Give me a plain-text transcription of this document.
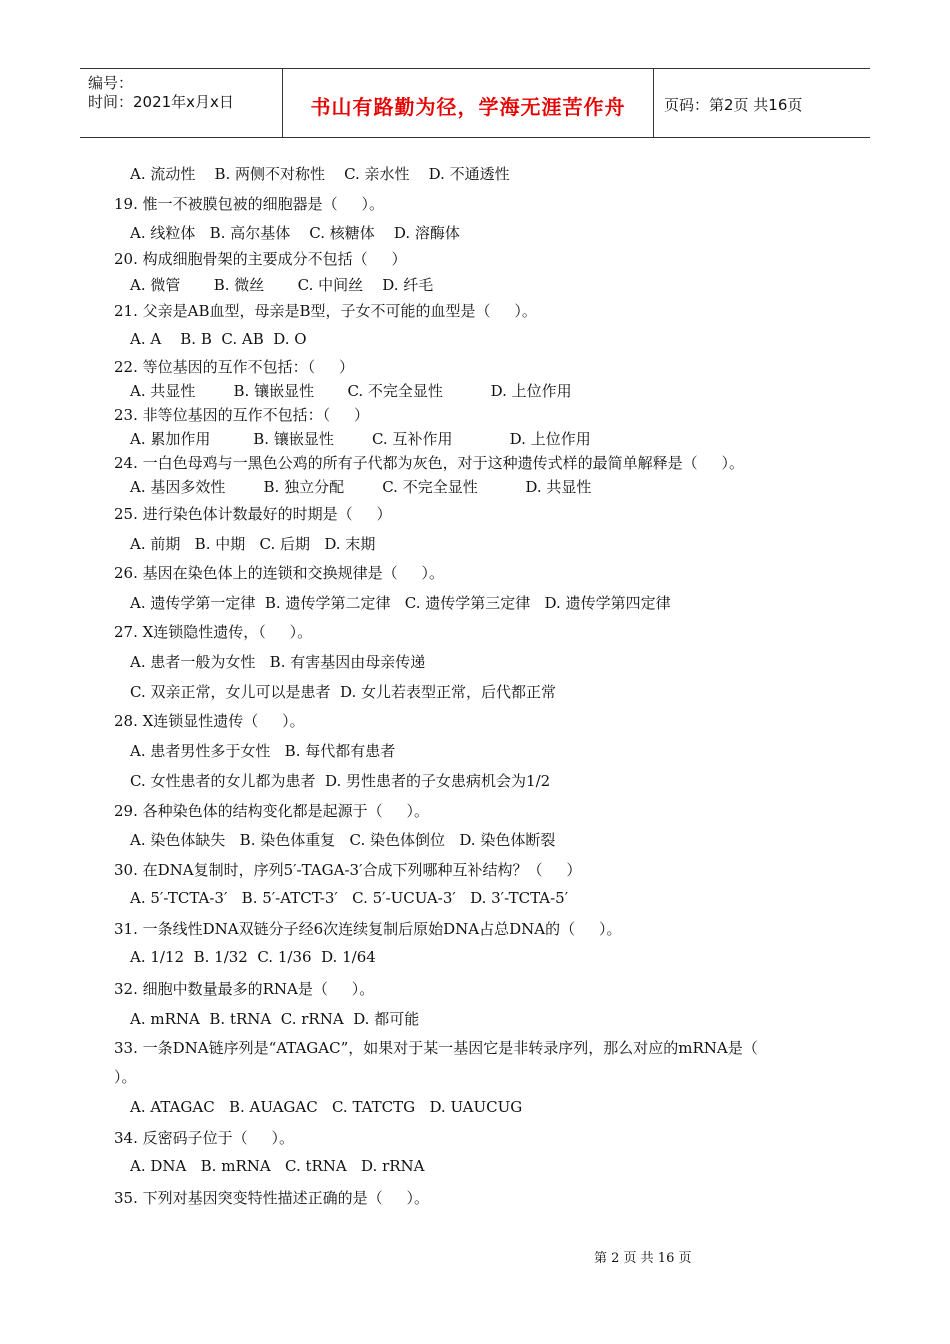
编号：
时间：2021年x月x日	书山有路勤为径，学海无涯苦作舟	页码：第2页 共16页
A. 流动性    B. 两侧不对称性    C. 亲水性    D. 不通透性
19. 惟一不被膜包被的细胞器是（     ）。
A. 线粒体   B. 高尔基体    C. 核糖体    D. 溶酶体
20. 构成细胞骨架的主要成分不包括（     ）
A. 微管       B. 微丝       C. 中间丝    D. 纤毛
21. 父亲是AB血型，母亲是B型，子女不可能的血型是（     ）。
A. A    B. B  C. AB  D. O
22. 等位基因的互作不包括：（     ）
A. 共显性        B. 镶嵌显性       C. 不完全显性          D. 上位作用
23. 非等位基因的互作不包括：（     ）
A. 累加作用         B. 镶嵌显性        C. 互补作用            D. 上位作用
24. 一白色母鸡与一黑色公鸡的所有子代都为灰色，对于这种遗传式样的最简单解释是（     ）。
A. 基因多效性        B. 独立分配        C. 不完全显性          D. 共显性
25. 进行染色体计数最好的时期是（     ）
A. 前期   B. 中期   C. 后期   D. 末期
26. 基因在染色体上的连锁和交换规律是（     ）。
A. 遗传学第一定律  B. 遗传学第二定律   C. 遗传学第三定律   D. 遗传学第四定律
27. X连锁隐性遗传，（     ）。
A. 患者一般为女性   B. 有害基因由母亲传递
C. 双亲正常，女儿可以是患者  D. 女儿若表型正常，后代都正常
28. X连锁显性遗传（     ）。
A. 患者男性多于女性   B. 每代都有患者
C. 女性患者的女儿都为患者  D. 男性患者的子女患病机会为1/2
29. 各种染色体的结构变化都是起源于（     ）。
A. 染色体缺失   B. 染色体重复   C. 染色体倒位   D. 染色体断裂
30. 在DNA复制时，序列5′-TAGA-3′合成下列哪种互补结构？（     ）
A. 5′-TCTA-3′   B. 5′-ATCT-3′   C. 5′-UCUA-3′   D. 3′-TCTA-5′
31. 一条线性DNA双链分子经6次连续复制后原始DNA占总DNA的（     ）。
A. 1/12  B. 1/32  C. 1/36  D. 1/64
32. 细胞中数量最多的RNA是（     ）。
A. mRNA  B. tRNA  C. rRNA  D. 都可能
33. 一条DNA链序列是“ATAGAC”，如果对于某一基因它是非转录序列，那么对应的mRNA是（
）。
A. ATAGAC   B. AUAGAC   C. TATCTG   D. UAUCUG
34. 反密码子位于（     ）。
A. DNA   B. mRNA   C. tRNA   D. rRNA
35. 下列对基因突变特性描述正确的是（     ）。
第 2 页 共 16 页
